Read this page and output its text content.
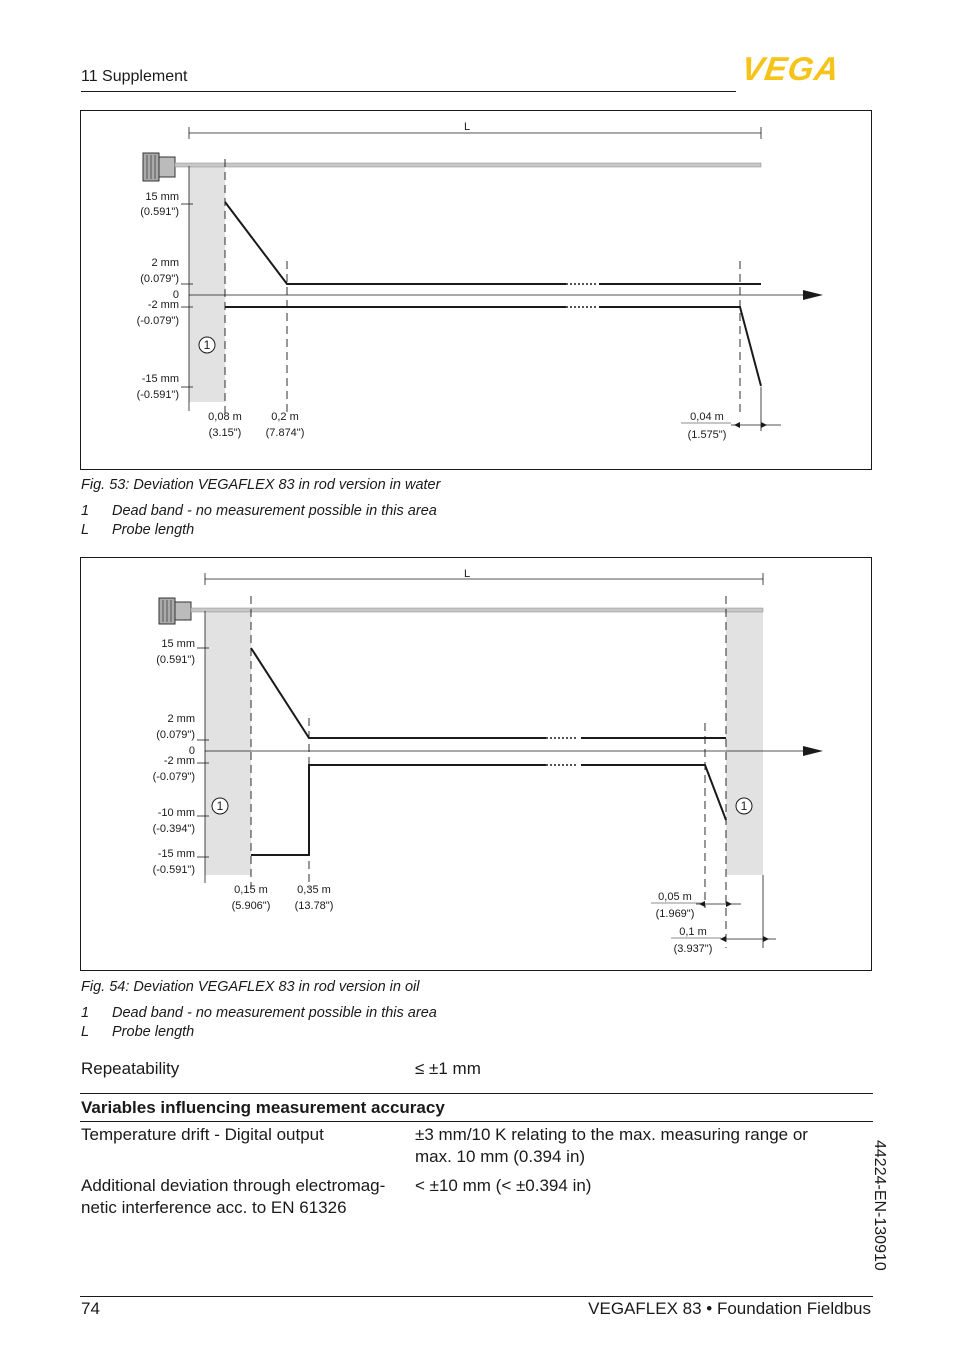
11 Supplement	VEGA
L
15 mm
(0.591")
2 mm
(0.079")
0
-2 mm
(-0.079")
-15 mm
(-0.591")
1
0,08 m
(3.15")
0,2 m
(7.874")
0,04 m
(1.575")
Fig. 53: Deviation VEGAFLEX 83 in rod version in water
1 Dead band - no measurement possible in this area
L Probe length
L
15 mm
(0.591")
2 mm
(0.079")
0
-2 mm
(-0.079")
-10 mm
(-0.394")
-15 mm
(-0.591")
1	1
0,15 m
(5.906")
0,35 m
(13.78")
0,05 m
(1.969")
0,1 m
(3.937")
Fig. 54: Deviation VEGAFLEX 83 in rod version in oil
1 Dead band - no measurement possible in this area
L Probe length
Repeatability	≤ ±1 mm
Variables influencing measurement accuracy
Temperature drift - Digital output	±3 mm/10 K relating to the max. measuring range or
max. 10 mm (0.394 in)
Additional deviation through electromag-
netic interference acc. to EN 61326
< ±10 mm (< ±0.394 in)	44224-EN-130910
74	VEGAFLEX 83 • Foundation Fieldbus
